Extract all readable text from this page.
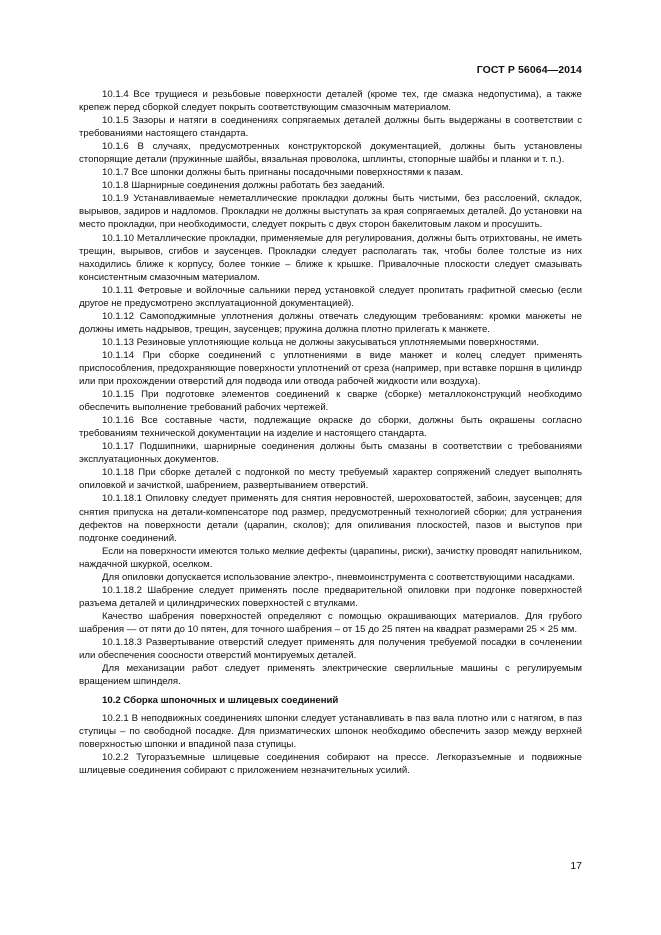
ГОСТ Р 56064—2014

10.1.4 Все трущиеся и резьбовые поверхности деталей (кроме тех, где смазка недопустима), а также крепеж перед сборкой следует покрыть соответствующим смазочным материалом.

10.1.5 Зазоры и натяги в соединениях сопрягаемых деталей должны быть выдержаны в соответствии с требованиями настоящего стандарта.

10.1.6 В случаях, предусмотренных конструкторской документацией, должны быть установлены стопорящие детали (пружинные шайбы, вязальная проволока, шплинты, стопорные шайбы и планки и т. п.).

10.1.7 Все шпонки должны быть пригнаны посадочными поверхностями к пазам.

10.1.8 Шарнирные соединения должны работать без заеданий.

10.1.9 Устанавливаемые неметаллические прокладки должны быть чистыми, без расслоений, складок, вырывов, задиров и надломов. Прокладки не должны выступать за края сопрягаемых деталей. До установки на место прокладки, при необходимости, следует покрыть с двух сторон бакелитовым лаком и просушить.

10.1.10 Металлические прокладки, применяемые для регулирования, должны быть отрихтованы, не иметь трещин, вырывов, сгибов и заусенцев. Прокладки следует располагать так, чтобы более толстые из них находились ближе к корпусу, более тонкие – ближе к крышке. Привалочные плоскости следует смазывать консистентным смазочным материалом.

10.1.11 Фетровые и войлочные сальники перед установкой следует пропитать графитной смесью (если другое не предусмотрено эксплуатационной документацией).

10.1.12 Самоподжимные уплотнения должны отвечать следующим требованиям: кромки манжеты не должны иметь надрывов, трещин, заусенцев; пружина должна плотно прилегать к манжете.

10.1.13 Резиновые уплотняющие кольца не должны закусываться уплотняемыми поверхностями.

10.1.14 При сборке соединений с уплотнениями в виде манжет и колец следует применять приспособления, предохраняющие поверхности уплотнений от среза (например, при вставке поршня в цилиндр или при прохождении отверстий для подвода или отвода рабочей жидкости или воздуха).

10.1.15 При подготовке элементов соединений к сварке (сборке) металлоконструкций необходимо обеспечить выполнение требований рабочих чертежей.

10.1.16 Все составные части, подлежащие окраске до сборки, должны быть окрашены согласно требованиям технической документации на изделие и настоящего стандарта.

10.1.17 Подшипники, шарнирные соединения должны быть смазаны в соответствии с требованиями эксплуатационных документов.

10.1.18 При сборке деталей с подгонкой по месту требуемый характер сопряжений следует выполнять опиловкой и зачисткой, шабрением, развертыванием отверстий.

10.1.18.1 Опиловку следует применять для снятия неровностей, шероховатостей, забоин, заусенцев; для снятия припуска на детали-компенсаторе под размер, предусмотренный технологией сборки; для устранения дефектов на поверхности детали (царапин, сколов); для опиливания плоскостей, пазов и выступов при подгонке соединений.

Если на поверхности имеются только мелкие дефекты (царапины, риски), зачистку проводят напильником, наждачной шкуркой, оселком.

Для опиловки допускается использование электро-, пневмоинструмента с соответствующими насадками.

10.1.18.2 Шабрение следует применять после предварительной опиловки при подгонке поверхностей разъема деталей и цилиндрических поверхностей с втулками.

Качество шабрения поверхностей определяют с помощью окрашивающих материалов. Для грубого шабрения — от пяти до 10 пятен, для точного шабрения – от 15 до 25 пятен на квадрат размерами 25 × 25 мм.

10.1.18.3 Развертывание отверстий следует применять для получения требуемой посадки в сочленении или обеспечения соосности отверстий монтируемых деталей.

Для механизации работ следует применять электрические сверлильные машины с регулируемым вращением шпинделя.

10.2 Сборка шпоночных и шлицевых соединений

10.2.1 В неподвижных соединениях шпонки следует устанавливать в паз вала плотно или с натягом, в паз ступицы – по свободной посадке. Для призматических шпонок необходимо обеспечить зазор между верхней поверхностью шпонки и впадиной паза ступицы.

10.2.2 Тугоразъемные шлицевые соединения собирают на прессе. Легкоразъемные и подвижные шлицевые соединения собирают с приложением незначительных усилий.

17
